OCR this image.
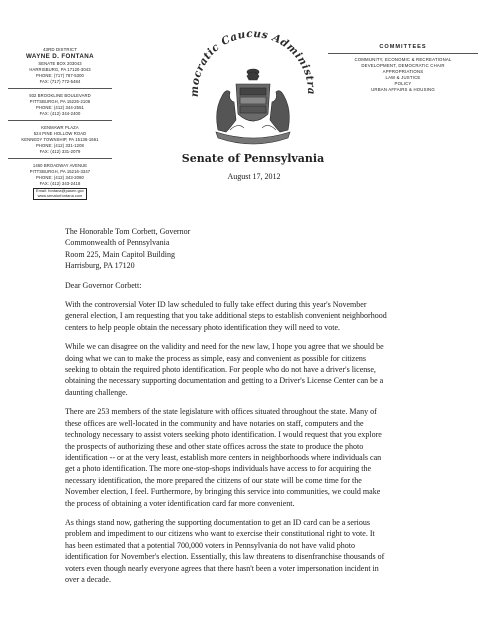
43RD DISTRICT
WAYNE D. FONTANA
SENATE BOX 203043
HARRISBURG, PA 17120-3043
PHONE: (717) 787-5300
FAX: (717) 772-5484
932 BROOKLINE BOULEVARD
PITTSBURGH, PA 15226-2106
PHONE: (412) 344-2551
FAX: (412) 344-2400
KENMAWR PLAZA
524 PINE HOLLOW ROAD
KENNEDY TOWNSHIP, PA 15136-1661
PHONE: (412) 331-1208
FAX: (412) 331-2079
1460 BROADWAY AVENUE
PITTSBURGH, PA 15216-3347
PHONE: (412) 343-2080
FAX: (412) 343-2418
Email: fontana@pasen.gov
www.senatorfontana.com
mocratic Caucus Administra
Senate of Pennsylvania
COMMITTEES
COMMUNITY, ECONOMIC & RECREATIONAL
DEVELOPMENT, DEMOCRATIC CHAIR
APPROPRIATIONS
LAW & JUSTICE
POLICY
URBAN AFFAIRS & HOUSING
August 17, 2012
The Honorable Tom Corbett, Governor
Commonwealth of Pennsylvania
Room 225, Main Capitol Building
Harrisburg, PA 17120
Dear Governor Corbett:
With the controversial Voter ID law scheduled to fully take effect during this year's November
general election, I am requesting that you take additional steps to establish convenient neighborhood
centers to help people obtain the necessary photo identification they will need to vote.
While we can disagree on the validity and need for the new law, I hope you agree that we should be
doing what we can to make the process as simple, easy and convenient as possible for citizens
seeking to obtain the required photo identification. For people who do not have a driver's license,
obtaining the necessary supporting documentation and getting to a Driver's License Center can be a
daunting challenge.
There are 253 members of the state legislature with offices situated throughout the state. Many of
these offices are well-located in the community and have notaries on staff, computers and the
technology necessary to assist voters seeking photo identification. I would request that you explore
the prospects of authorizing these and other state offices across the state to produce the photo
identification -- or at the very least, establish more centers in neighborhoods where individuals can
get a photo identification. The more one-stop-shops individuals have access to for acquiring the
necessary identification, the more prepared the citizens of our state will be come time for the
November election, I feel. Furthermore, by bringing this service into communities, we could make
the process of obtaining a voter identification card far more convenient.
As things stand now, gathering the supporting documentation to get an ID card can be a serious
problem and impediment to our citizens who want to exercise their constitutional right to vote. It
has been estimated that a potential 700,000 voters in Pennsylvania do not have valid photo
identification for November's election. Essentially, this law threatens to disenfranchise thousands of
voters even though nearly everyone agrees that there hasn't been a voter impersonation incident in
over a decade.
